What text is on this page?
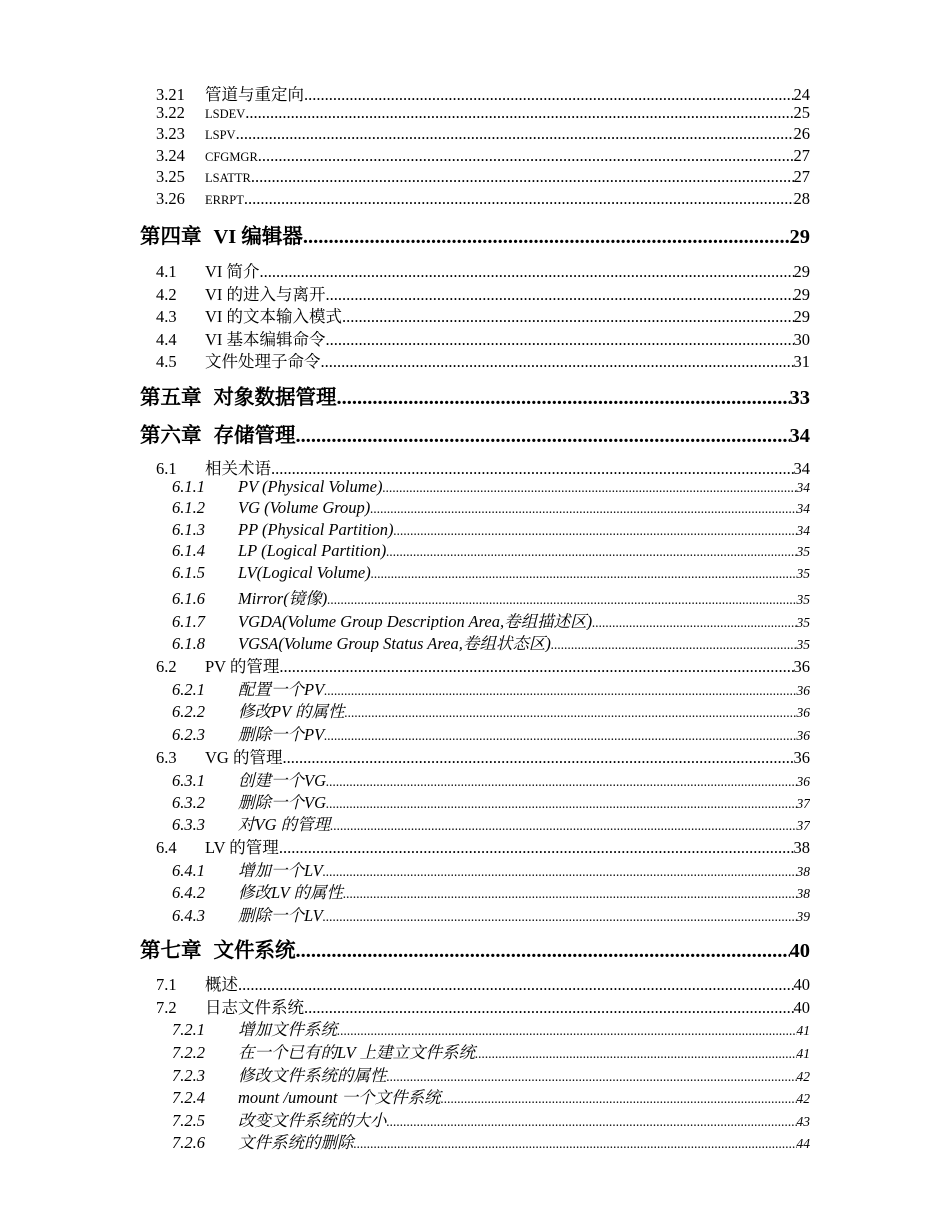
3.21	管道与重定向 .....	24
3.22	LSDEV .....	25
3.23	LSPV .....	26
3.24	CFGMGR .....	27
3.25	LSATTR .....	27
3.26	ERRPT .....	28
第四章 VI 编辑器 .....	29
4.1	VI 简介 .....	29
4.2	VI 的进入与离开 .....	29
4.3	VI 的文本输入模式 .....	29
4.4	VI 基本编辑命令 .....	30
4.5	文件处理子命令 .....	31
第五章 对象数据管理 .....	33
第六章 存储管理 .....	34
6.1	相关术语 .....	34
6.1.1	PV (Physical Volume) .....	34
6.1.2	VG (Volume Group) .....	34
6.1.3	PP (Physical Partition) .....	34
6.1.4	LP (Logical Partition) .....	35
6.1.5	LV(Logical Volume) .....	35
6.1.6	Mirror(镜像) .....	35
6.1.7	VGDA(Volume Group Description Area,卷组描述区) .....	35
6.1.8	VGSA(Volume Group Status Area,卷组状态区) .....	35
6.2	PV 的管理 .....	36
6.2.1	配置一个PV .....	36
6.2.2	修改PV 的属性 .....	36
6.2.3	删除一个PV .....	36
6.3	VG 的管理 .....	36
6.3.1	创建一个VG .....	36
6.3.2	删除一个VG .....	37
6.3.3	对VG 的管理 .....	37
6.4	LV 的管理 .....	38
6.4.1	增加一个LV .....	38
6.4.2	修改LV 的属性 .....	38
6.4.3	删除一个LV .....	39
第七章 文件系统 .....	40
7.1	概述 .....	40
7.2	日志文件系统 .....	40
7.2.1	增加文件系统 .....	41
7.2.2	在一个已有的LV 上建立文件系统 .....	41
7.2.3	修改文件系统的属性 .....	42
7.2.4	mount /umount 一个文件系统 .....	42
7.2.5	改变文件系统的大小 .....	43
7.2.6	文件系统的删除 .....	44
